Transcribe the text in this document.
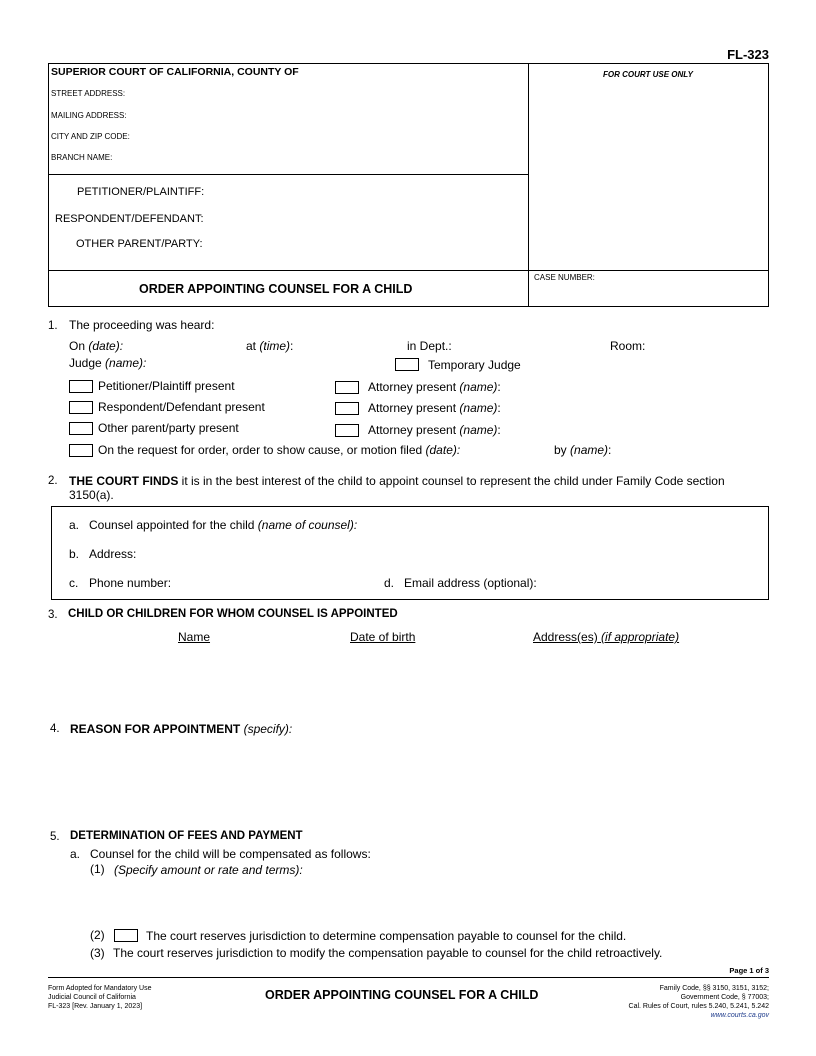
FL-323
SUPERIOR COURT OF CALIFORNIA, COUNTY OF	FOR COURT USE ONLY
STREET ADDRESS:
MAILING ADDRESS:
CITY AND ZIP CODE:
BRANCH NAME:
PETITIONER/PLAINTIFF:
RESPONDENT/DEFENDANT:
OTHER PARENT/PARTY:
ORDER APPOINTING COUNSEL FOR A CHILD
CASE NUMBER:
1. The proceeding was heard:
On (date):	at (time):	in Dept.:	Room:
Judge (name):	Temporary Judge
Petitioner/Plaintiff present	Attorney present (name):
Respondent/Defendant present	Attorney present (name):
Other parent/party present	Attorney present (name):
On the request for order, order to show cause, or motion filed (date):	by (name):
2. THE COURT FINDS it is in the best interest of the child to appoint counsel to represent the child under Family Code section
3150(a).
a. Counsel appointed for the child (name of counsel):
b. Address:
c. Phone number:	d. Email address (optional):
3. CHILD OR CHILDREN FOR WHOM COUNSEL IS APPOINTED
Name	Date of birth	Address(es) (if appropriate)
4. REASON FOR APPOINTMENT (specify):
5. DETERMINATION OF FEES AND PAYMENT
a. Counsel for the child will be compensated as follows:
(1) (Specify amount or rate and terms):
(2)	The court reserves jurisdiction to determine compensation payable to counsel for the child.
(3) The court reserves jurisdiction to modify the compensation payable to counsel for the child retroactively.
Page 1 of 3
Form Adopted for Mandatory Use
Judicial Council of California
FL-323 [Rev. January 1, 2023]
ORDER APPOINTING COUNSEL FOR A CHILD	Family Code, §§ 3150, 3151, 3152;
Government Code, § 77003;
Cal. Rules of Court, rules 5.240, 5.241, 5.242
www.courts.ca.gov
